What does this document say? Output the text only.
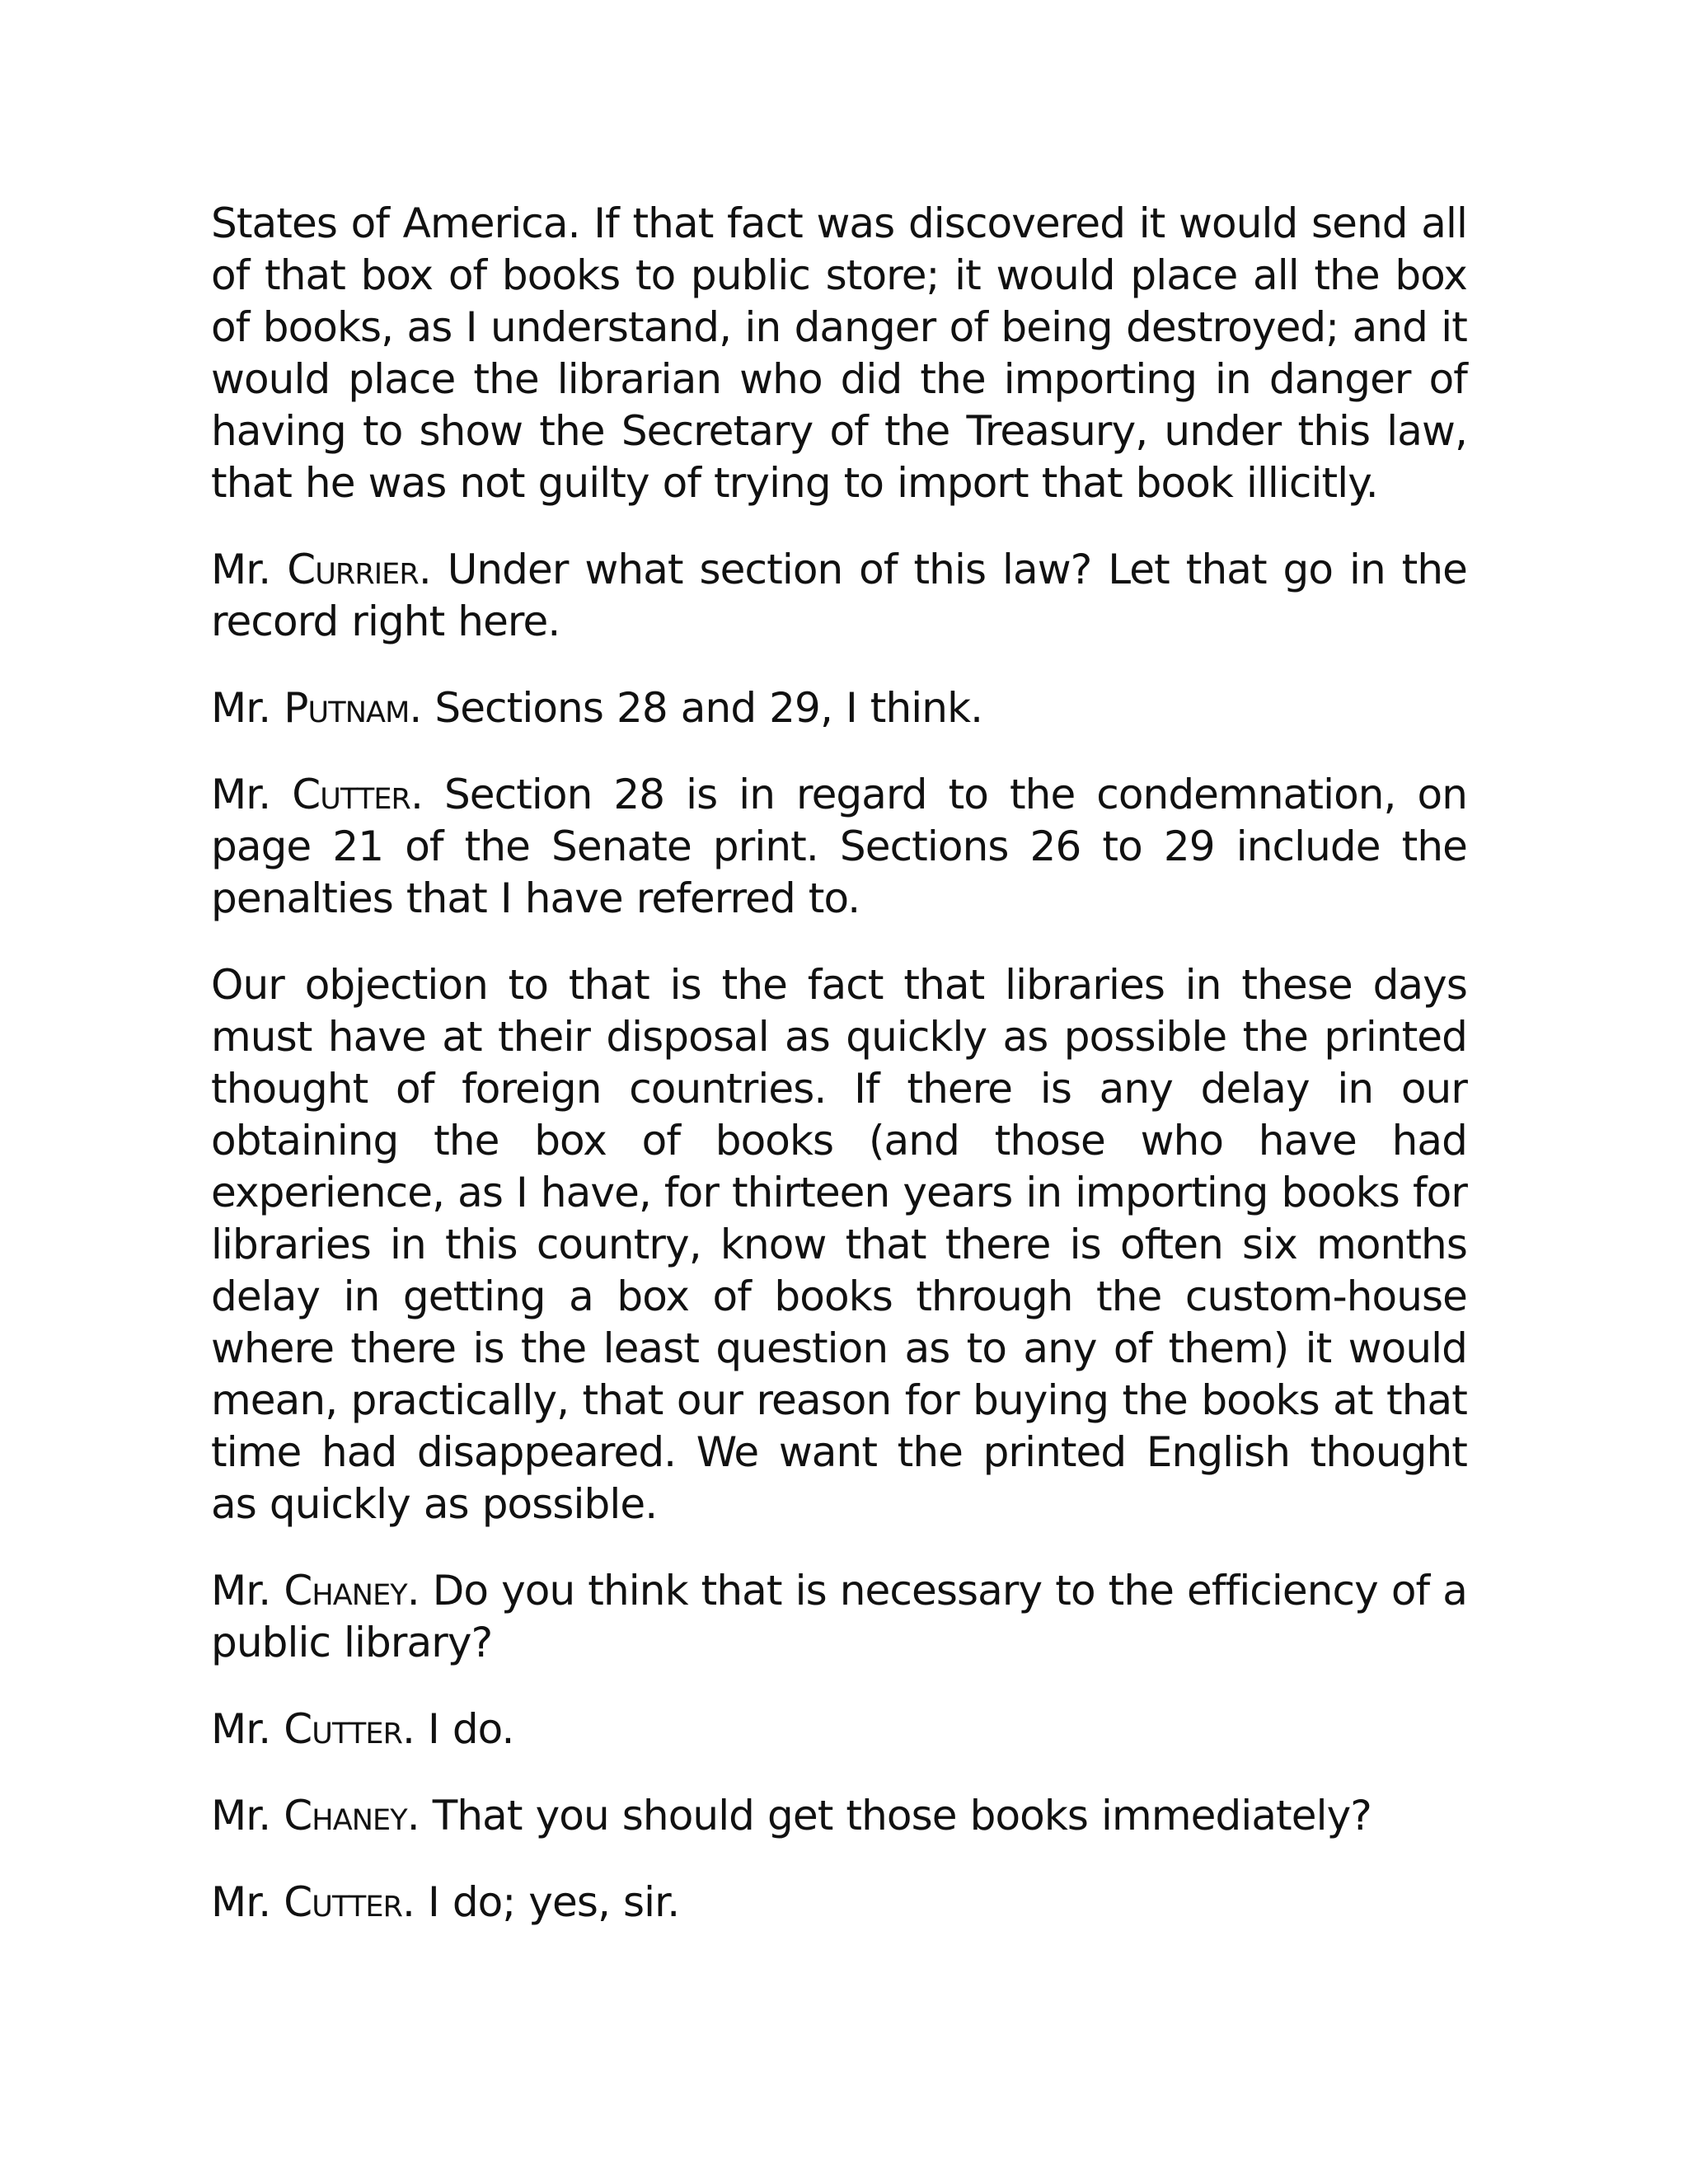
States of America. If that fact was discovered it would send all of that box of books to public store; it would place all the box of books, as I understand, in danger of being destroyed; and it would place the librarian who did the importing in danger of having to show the Secretary of the Treasury, under this law, that he was not guilty of trying to import that book illicitly.

Mr. Currier. Under what section of this law? Let that go in the record right here.

Mr. Putnam. Sections 28 and 29, I think.

Mr. Cutter. Section 28 is in regard to the condemnation, on page 21 of the Senate print. Sections 26 to 29 include the penalties that I have referred to.

Our objection to that is the fact that libraries in these days must have at their disposal as quickly as possible the printed thought of foreign countries. If there is any delay in our obtaining the box of books (and those who have had experience, as I have, for thirteen years in importing books for libraries in this country, know that there is often six months delay in getting a box of books through the custom-house where there is the least question as to any of them) it would mean, practically, that our reason for buying the books at that time had disappeared. We want the printed English thought as quickly as possible.

Mr. Chaney. Do you think that is necessary to the efficiency of a public library?

Mr. Cutter. I do.

Mr. Chaney. That you should get those books immediately?

Mr. Cutter. I do; yes, sir.
